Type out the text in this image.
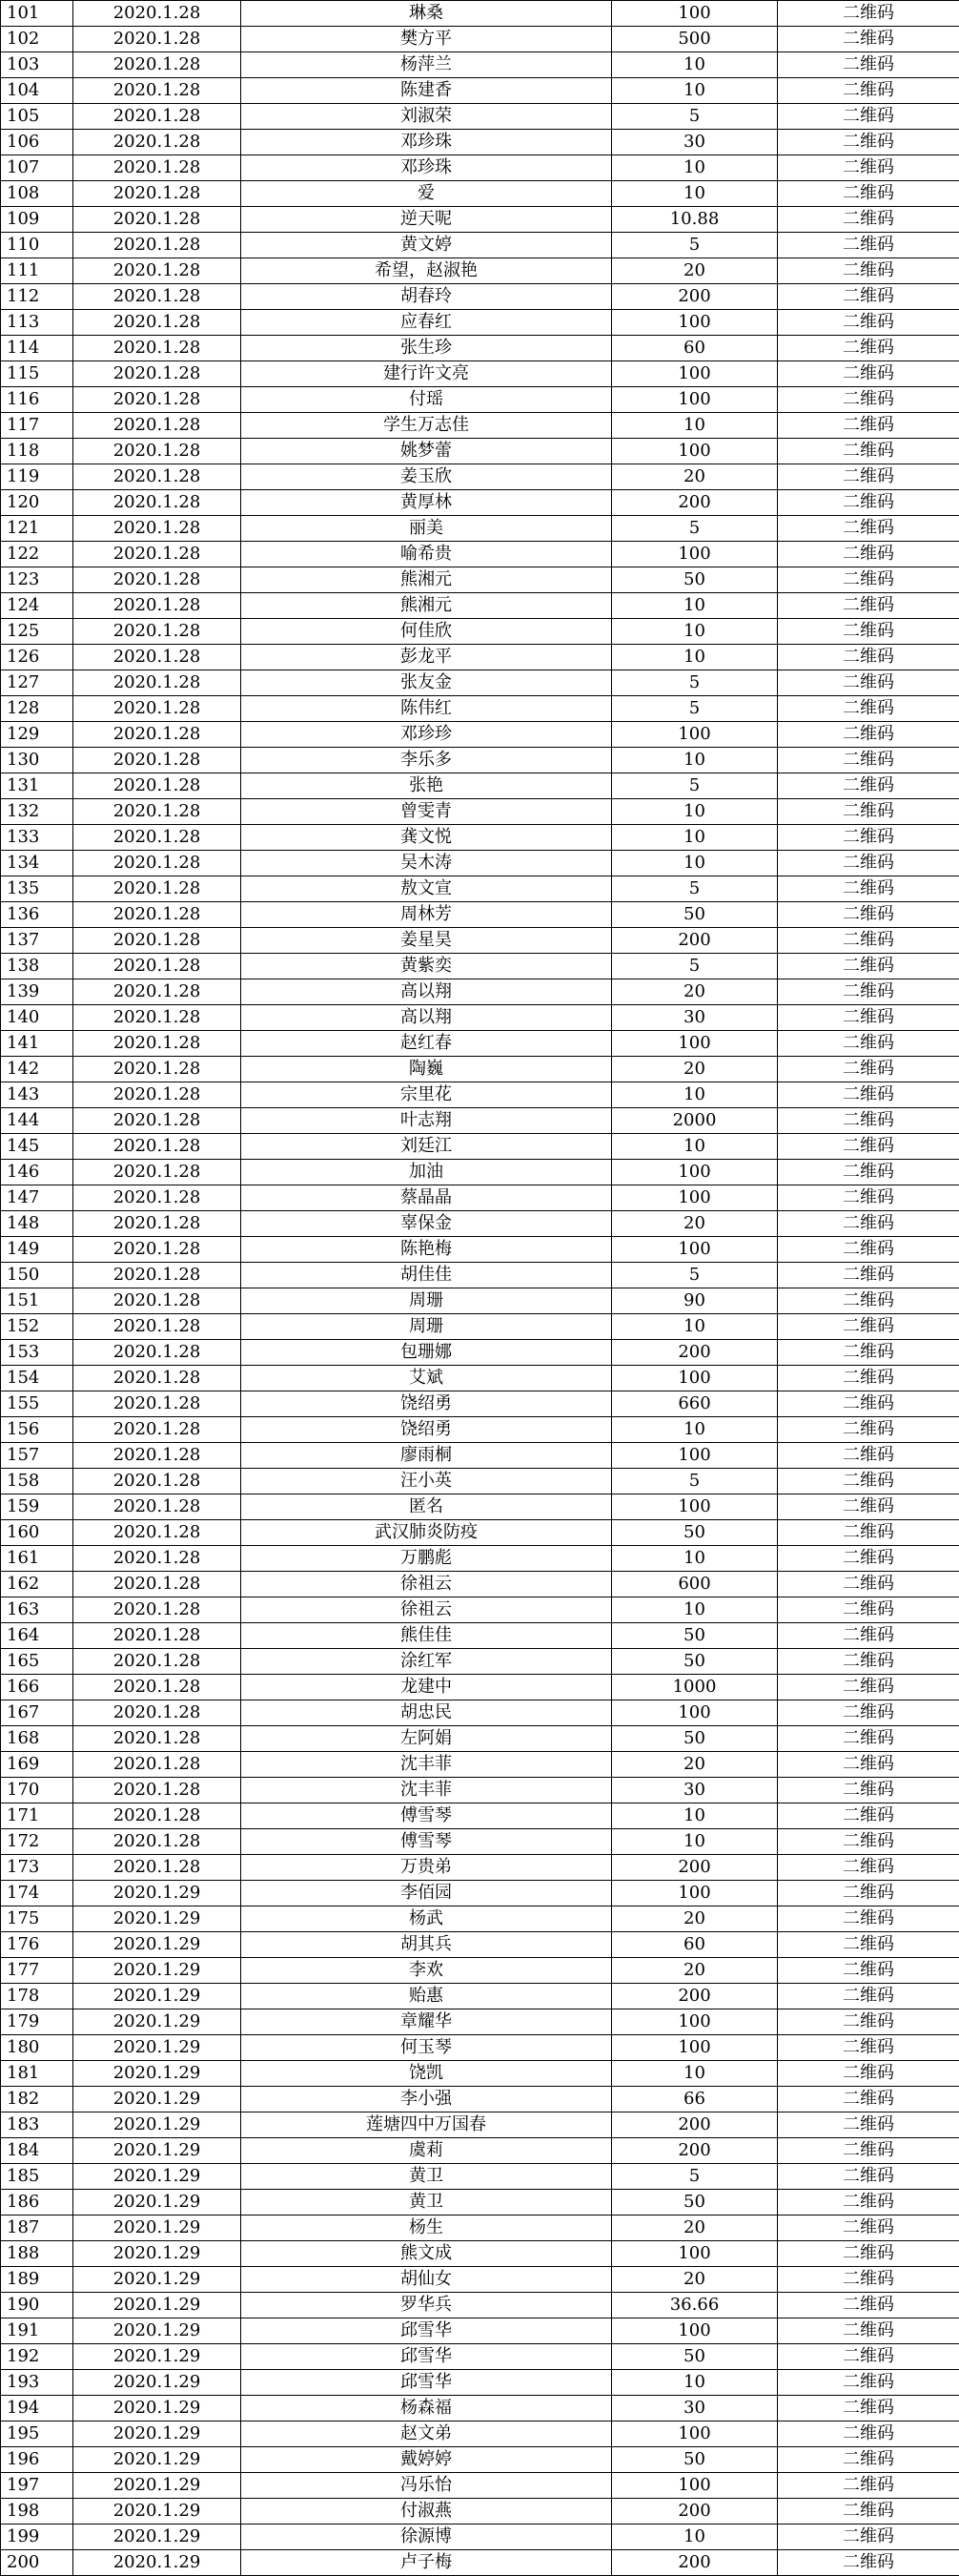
101	2020.1.28	琳桑	100	二维码
102	2020.1.28	樊方平	500	二维码
103	2020.1.28	杨萍兰	10	二维码
104	2020.1.28	陈建香	10	二维码
105	2020.1.28	刘淑荣	5	二维码
106	2020.1.28	邓珍珠	30	二维码
107	2020.1.28	邓珍珠	10	二维码
108	2020.1.28	爱	10	二维码
109	2020.1.28	逆天呢	10.88	二维码
110	2020.1.28	黄文婷	5	二维码
111	2020.1.28	希望，赵淑艳	20	二维码
112	2020.1.28	胡春玲	200	二维码
113	2020.1.28	应春红	100	二维码
114	2020.1.28	张生珍	60	二维码
115	2020.1.28	建行许文亮	100	二维码
116	2020.1.28	付瑶	100	二维码
117	2020.1.28	学生万志佳	10	二维码
118	2020.1.28	姚梦蕾	100	二维码
119	2020.1.28	姜玉欣	20	二维码
120	2020.1.28	黄厚林	200	二维码
121	2020.1.28	丽美	5	二维码
122	2020.1.28	喻希贵	100	二维码
123	2020.1.28	熊湘元	50	二维码
124	2020.1.28	熊湘元	10	二维码
125	2020.1.28	何佳欣	10	二维码
126	2020.1.28	彭龙平	10	二维码
127	2020.1.28	张友金	5	二维码
128	2020.1.28	陈伟红	5	二维码
129	2020.1.28	邓珍珍	100	二维码
130	2020.1.28	李乐多	10	二维码
131	2020.1.28	张艳	5	二维码
132	2020.1.28	曾雯青	10	二维码
133	2020.1.28	龚文悦	10	二维码
134	2020.1.28	吴木涛	10	二维码
135	2020.1.28	敖文宣	5	二维码
136	2020.1.28	周林芳	50	二维码
137	2020.1.28	姜星昊	200	二维码
138	2020.1.28	黄紫奕	5	二维码
139	2020.1.28	高以翔	20	二维码
140	2020.1.28	高以翔	30	二维码
141	2020.1.28	赵红春	100	二维码
142	2020.1.28	陶巍	20	二维码
143	2020.1.28	宗里花	10	二维码
144	2020.1.28	叶志翔	2000	二维码
145	2020.1.28	刘廷江	10	二维码
146	2020.1.28	加油	100	二维码
147	2020.1.28	蔡晶晶	100	二维码
148	2020.1.28	辜保金	20	二维码
149	2020.1.28	陈艳梅	100	二维码
150	2020.1.28	胡佳佳	5	二维码
151	2020.1.28	周珊	90	二维码
152	2020.1.28	周珊	10	二维码
153	2020.1.28	包珊娜	200	二维码
154	2020.1.28	艾斌	100	二维码
155	2020.1.28	饶绍勇	660	二维码
156	2020.1.28	饶绍勇	10	二维码
157	2020.1.28	廖雨桐	100	二维码
158	2020.1.28	汪小英	5	二维码
159	2020.1.28	匿名	100	二维码
160	2020.1.28	武汉肺炎防疫	50	二维码
161	2020.1.28	万鹏彪	10	二维码
162	2020.1.28	徐祖云	600	二维码
163	2020.1.28	徐祖云	10	二维码
164	2020.1.28	熊佳佳	50	二维码
165	2020.1.28	涂红军	50	二维码
166	2020.1.28	龙建中	1000	二维码
167	2020.1.28	胡忠民	100	二维码
168	2020.1.28	左阿娟	50	二维码
169	2020.1.28	沈丰菲	20	二维码
170	2020.1.28	沈丰菲	30	二维码
171	2020.1.28	傅雪琴	10	二维码
172	2020.1.28	傅雪琴	10	二维码
173	2020.1.28	万贵弟	200	二维码
174	2020.1.29	李佰园	100	二维码
175	2020.1.29	杨武	20	二维码
176	2020.1.29	胡其兵	60	二维码
177	2020.1.29	李欢	20	二维码
178	2020.1.29	贻惠	200	二维码
179	2020.1.29	章耀华	100	二维码
180	2020.1.29	何玉琴	100	二维码
181	2020.1.29	饶凯	10	二维码
182	2020.1.29	李小强	66	二维码
183	2020.1.29	莲塘四中万国春	200	二维码
184	2020.1.29	虞莉	200	二维码
185	2020.1.29	黄卫	5	二维码
186	2020.1.29	黄卫	50	二维码
187	2020.1.29	杨生	20	二维码
188	2020.1.29	熊文成	100	二维码
189	2020.1.29	胡仙女	20	二维码
190	2020.1.29	罗华兵	36.66	二维码
191	2020.1.29	邱雪华	100	二维码
192	2020.1.29	邱雪华	50	二维码
193	2020.1.29	邱雪华	10	二维码
194	2020.1.29	杨森福	30	二维码
195	2020.1.29	赵文弟	100	二维码
196	2020.1.29	戴婷婷	50	二维码
197	2020.1.29	冯乐怡	100	二维码
198	2020.1.29	付淑燕	200	二维码
199	2020.1.29	徐源博	10	二维码
200	2020.1.29	卢子梅	200	二维码
